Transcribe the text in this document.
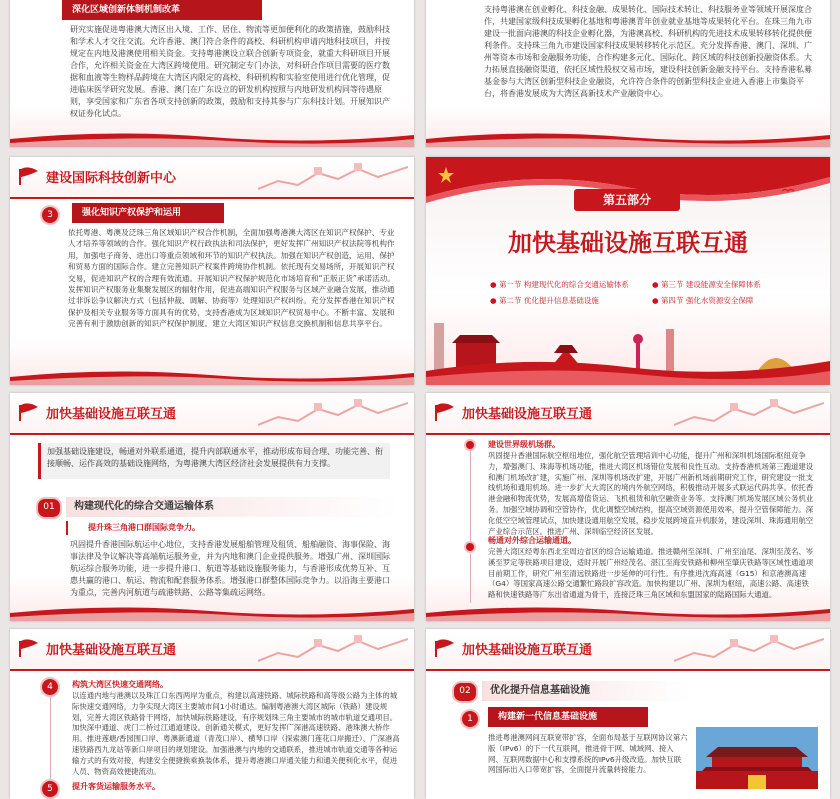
深化区域创新体制机制改革
研究实施促进粤港澳大湾区出入境、工作、居住、物流等更加便利化的政策措施，鼓励科技和学术人才交往交流。允许香港、澳门符合条件的高校、科研机构申请内地科技项目，并按规定在内地及港澳使用相关资金。支持粤港澳设立联合创新专项资金，就重大科研项目开展合作，允许相关资金在大湾区跨境使用。研究制定专门办法，对科研合作项目需要的医疗数据和血液等生物样品跨境在大湾区内限定的高校、科研机构和实验室使用进行优化管理，促进临床医学研究发展。香港、澳门在广东设立的研发机构按照与内地研发机构同等待遇原则，享受国家和广东省各项支持创新的政策，鼓励和支持其参与广东科技计划。开展知识产权证券化试点。
支持粤港澳在创业孵化、科技金融、成果转化、国际技术转让、科技服务业等领域开展深度合作，共建国家级科技成果孵化基地和粤港澳青年创业就业基地等成果转化平台。在珠三角九市建设一批面向港澳的科技企业孵化器，为港澳高校、科研机构的先进技术成果转移转化提供便利条件。支持珠三角九市建设国家科技成果转移转化示范区。充分发挥香港、澳门、深圳、广州等资本市场和金融服务功能，合作构建多元化、国际化、跨区域的科技创新投融资体系。大力拓展直接融资渠道，依托区域性股权交易市场，建设科技创新金融支持平台。支持香港私募基金参与大湾区创新型科技企业融资，允许符合条件的创新型科技企业进入香港上市集资平台，将香港发展成为大湾区高新技术产业融资中心。
建设国际科技创新中心
3	强化知识产权保护和运用
依托粤港、粤澳及泛珠三角区域知识产权合作机制，全面加强粤港澳大湾区在知识产权保护、专业人才培养等领域的合作。强化知识产权行政执法和司法保护，更好发挥广州知识产权法院等机构作用，加强电子商务、进出口等重点领域和环节的知识产权执法。加强在知识产权创造、运用、保护和贸易方面的国际合作。建立完善知识产权案件跨境协作机制。依托现有交易场所，开展知识产权交易，促进知识产权的合理有效流通。开展知识产权保护规范化市场培育和“正版正货”承诺活动。发挥知识产权服务业集聚发展区的辐射作用，促进高端知识产权服务与区域产业融合发展，推动通过非诉讼争议解决方式（包括仲裁、调解、协商等）处理知识产权纠纷。充分发挥香港在知识产权保护及相关专业服务等方面具有的优势，支持香港成为区域知识产权贸易中心。不断丰富、发展和完善有利于激励创新的知识产权保护制度。建立大湾区知识产权信息交换机制和信息共享平台。
第五部分
加快基础设施互联互通
● 第一节 构建现代化的综合交通运输体系	● 第三节 建设能源安全保障体系
● 第二节 优化提升信息基础设施	● 第四节 强化水资源安全保障
加快基础设施互联互通
加强基础设施建设，畅通对外联系通道，提升内部联通水平，推动形成布局合理、功能完善、衔接顺畅、运作高效的基础设施网络，为粤港澳大湾区经济社会发展提供有力支撑。
01	构建现代化的综合交通运输体系
提升珠三角港口群国际竞争力。
巩固提升香港国际航运中心地位，支持香港发展船舶管理及租赁、船舶融资、海事保险、海事法律及争议解决等高端航运服务业，并为内地和澳门企业提供服务。增强广州、深圳国际航运综合服务功能，进一步提升港口、航道等基础设施服务能力，与香港形成优势互补、互惠共赢的港口、航运、物流和配套服务体系。增强港口群整体国际竞争力。以沿海主要港口为重点，完善内河航道与疏港铁路、公路等集疏运网络。
加快基础设施互联互通
建设世界级机场群。
巩固提升香港国际航空枢纽地位，强化航空管理培训中心功能，提升广州和深圳机场国际枢纽竞争力，增强澳门、珠海等机场功能，推进大湾区机场错位发展和良性互动。支持香港机场第三跑道建设和澳门机场改扩建，实施广州、深圳等机场改扩建，开展广州新机场前期研究工作，研究建设一批支线机场和通用机场。进一步扩大大湾区的境内外航空网络，积极推动开展多式联运代码共享。依托香港金融和物流优势，发展高增值货运、飞机租赁和航空融资业务等。支持澳门机场发展区域公务机业务。加强空域协调和空管协作，优化调整空域结构，提高空域资源使用效率，提升空管保障能力。深化低空空域管理试点，加快建设通用航空发展，稳步发展跨境直升机服务，建设深圳、珠海通用航空产业综合示范区。推进广州、深圳临空经济区发展。
畅通对外综合运输通道。
完善大湾区经粤东西北至周边省区的综合运输通道。推进赣州至深圳、广州至汕尾、深圳至茂名、岑溪至罗定等铁路项目建设，适时开展广州经茂名、湛江至海安铁路和柳州至肇庆铁路等区域性通道项目前期工作，研究广州至清远铁路进一步延伸的可行性。有序推进沈海高速（G15）和京港澳高速（G4）等国家高速公路交通繁忙路段扩容改造。加快构建以广州、深圳为枢纽，高速公路、高速铁路和快速铁路等广东出省通道为骨干，连接泛珠三角区域和东盟国家的陆路国际大通道。
加快基础设施互联互通
4	构筑大湾区快速交通网络。
以连通内地与港澳以及珠江口东西两岸为重点，构建以高速铁路、城际铁路和高等级公路为主体的城际快速交通网络，力争实现大湾区主要城市间1小时通达。编制粤港澳大湾区城际（铁路）建设规划，完善大湾区铁路骨干网络，加快城际铁路建设，有序规划珠三角主要城市的城市轨道交通项目。加快深中通道、虎门二桥过江通道建设。创新通关模式，更好发挥广深港高速铁路、港珠澳大桥作用。推进莲塘/香园围口岸、粤澳新通道（青茂口岸）、横琴口岸（探索澳门莲花口岸搬迁）、广深港高速铁路西九龙站等新口岸项目的规划建设。加强港澳与内地的交通联系，推进城市轨道交通等各种运输方式的有效对接，构建安全便捷换乘换装体系，提升粤港澳口岸通关能力和通关便利化水平，促进人员、物资高效便捷流动。
5	提升客货运输服务水平。
加快基础设施互联互通
02	优化提升信息基础设施
1	构建新一代信息基础设施
推进粤港澳网间互联宽带扩容，全面布局基于互联网协议第六版（IPv6）的下一代互联网，推进骨干网、城域网、接入网、互联网数据中心和支撑系统的IPv6升级改造。加快互联网国际出入口带宽扩容，全面提升流量转接能力。
